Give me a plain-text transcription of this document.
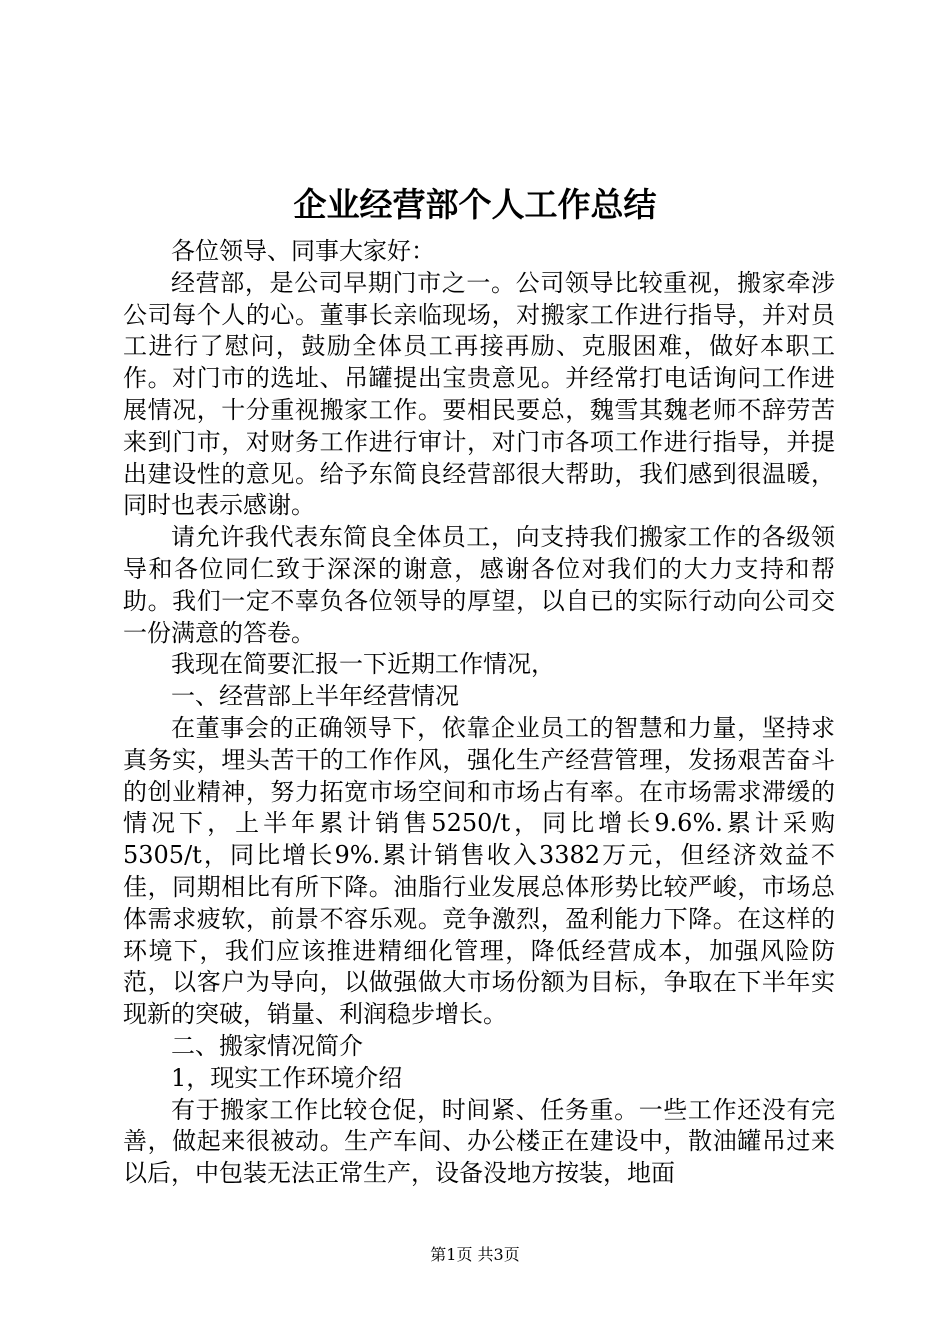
企业经营部个人工作总结

各位领导、同事大家好：

经营部，是公司早期门市之一。公司领导比较重视，搬家牵涉公司每个人的心。董事长亲临现场，对搬家工作进行指导，并对员工进行了慰问，鼓励全体员工再接再励、克服困难，做好本职工作。对门市的选址、吊罐提出宝贵意见。并经常打电话询问工作进展情况，十分重视搬家工作。要相民要总，魏雪其魏老师不辞劳苦来到门市，对财务工作进行审计，对门市各项工作进行指导，并提出建设性的意见。给予东简良经营部很大帮助，我们感到很温暖，同时也表示感谢。

请允许我代表东简良全体员工，向支持我们搬家工作的各级领导和各位同仁致于深深的谢意，感谢各位对我们的大力支持和帮助。我们一定不辜负各位领导的厚望，以自已的实际行动向公司交一份满意的答卷。

我现在简要汇报一下近期工作情况，

一、经营部上半年经营情况

在董事会的正确领导下，依靠企业员工的智慧和力量，坚持求真务实，埋头苦干的工作作风，强化生产经营管理，发扬艰苦奋斗的创业精神，努力拓宽市场空间和市场占有率。在市场需求滞缓的情况下，上半年累计销售5250/t，同比增长9.6%.累计采购5305/t，同比增长9%.累计销售收入3382万元，但经济效益不佳，同期相比有所下降。油脂行业发展总体形势比较严峻，市场总体需求疲软，前景不容乐观。竞争激烈，盈利能力下降。在这样的环境下，我们应该推进精细化管理，降低经营成本，加强风险防范，以客户为导向，以做强做大市场份额为目标，争取在下半年实现新的突破，销量、利润稳步增长。

二、搬家情况简介

1，现实工作环境介绍

有于搬家工作比较仓促，时间紧、任务重。一些工作还没有完善，做起来很被动。生产车间、办公楼正在建设中，散油罐吊过来以后，中包装无法正常生产，设备没地方按装，地面

第1页 共3页
